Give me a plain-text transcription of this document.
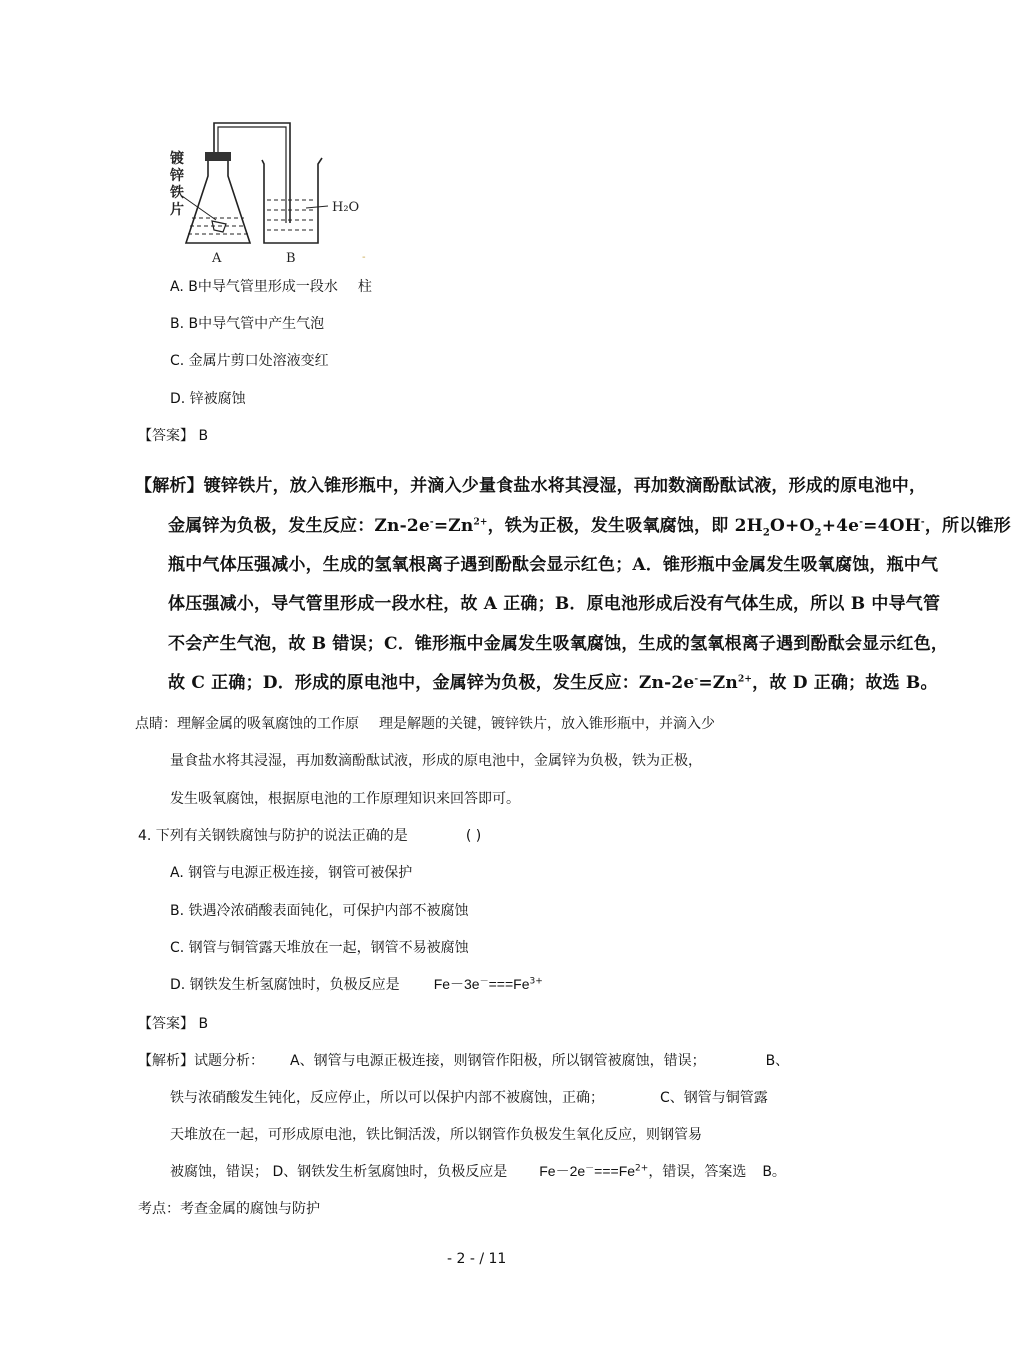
H₂O
A	B
镀
锌
铁
片
-
A. B中导气管里形成一段水 柱
B. B中导气管中产生气泡
C. 金属片剪口处溶液变红
D. 锌被腐蚀
【答案】 B
【解析】镀锌铁片，放入锥形瓶中，并滴入少量食盐水将其浸湿，再加数滴酚酞试液，形成的原电池中，
金属锌为负极，发生反应：$Zn-2e^-=Zn^{2+}$，铁为正极，发生吸氧腐蚀，即 $2H_2O+O_2+4e^-=4OH^-$，所以锥形
瓶中气体压强减小，生成的氢氧根离子遇到酚酞会显示红色；A．锥形瓶中金属发生吸氧腐蚀，瓶中气
体压强减小，导气管里形成一段水柱，故 A 正确；B．原电池形成后没有气体生成，所以 B 中导气管
不会产生气泡，故 B 错误；C．锥形瓶中金属发生吸氧腐蚀，生成的氢氧根离子遇到酚酞会显示红色，
故 C 正确；D．形成的原电池中，金属锌为负极，发生反应：$Zn-2e^-=Zn^{2+}$，故 D 正确；故选 B。
点睛：理解金属的吸氧腐蚀的工作原 理是解题的关键，镀锌铁片，放入锥形瓶中，并滴入少
量食盐水将其浸湿，再加数滴酚酞试液，形成的原电池中，金属锌为负极，铁为正极，
发生吸氧腐蚀，根据原电池的工作原理知识来回答即可。
4. 下列有关钢铁腐蚀与防护的说法正确的是	( )
A. 钢管与电源正极连接，钢管可被保护
B. 铁遇冷浓硝酸表面钝化，可保护内部不被腐蚀
C. 钢管与铜管露天堆放在一起，钢管不易被腐蚀
D. 钢铁发生析氢腐蚀时，负极反应是 $Fe-3e^-===Fe^{3+}$
【答案】 B
【解析】试题分析： A、钢管与电源正极连接，则钢管作阳极，所以钢管被腐蚀，错误；	B、
铁与浓硝酸发生钝化，反应停止，所以可以保护内部不被腐蚀，正确；	C、钢管与铜管露
天堆放在一起，可形成原电池，铁比铜活泼，所以钢管作负极发生氧化反应，则钢管易
被腐蚀，错误； D、钢铁发生析氢腐蚀时，负极反应是 $Fe-2e^-===Fe^{2+}$，错误，答案选 B。
考点：考查金属的腐蚀与防护
- 2 - / 11
